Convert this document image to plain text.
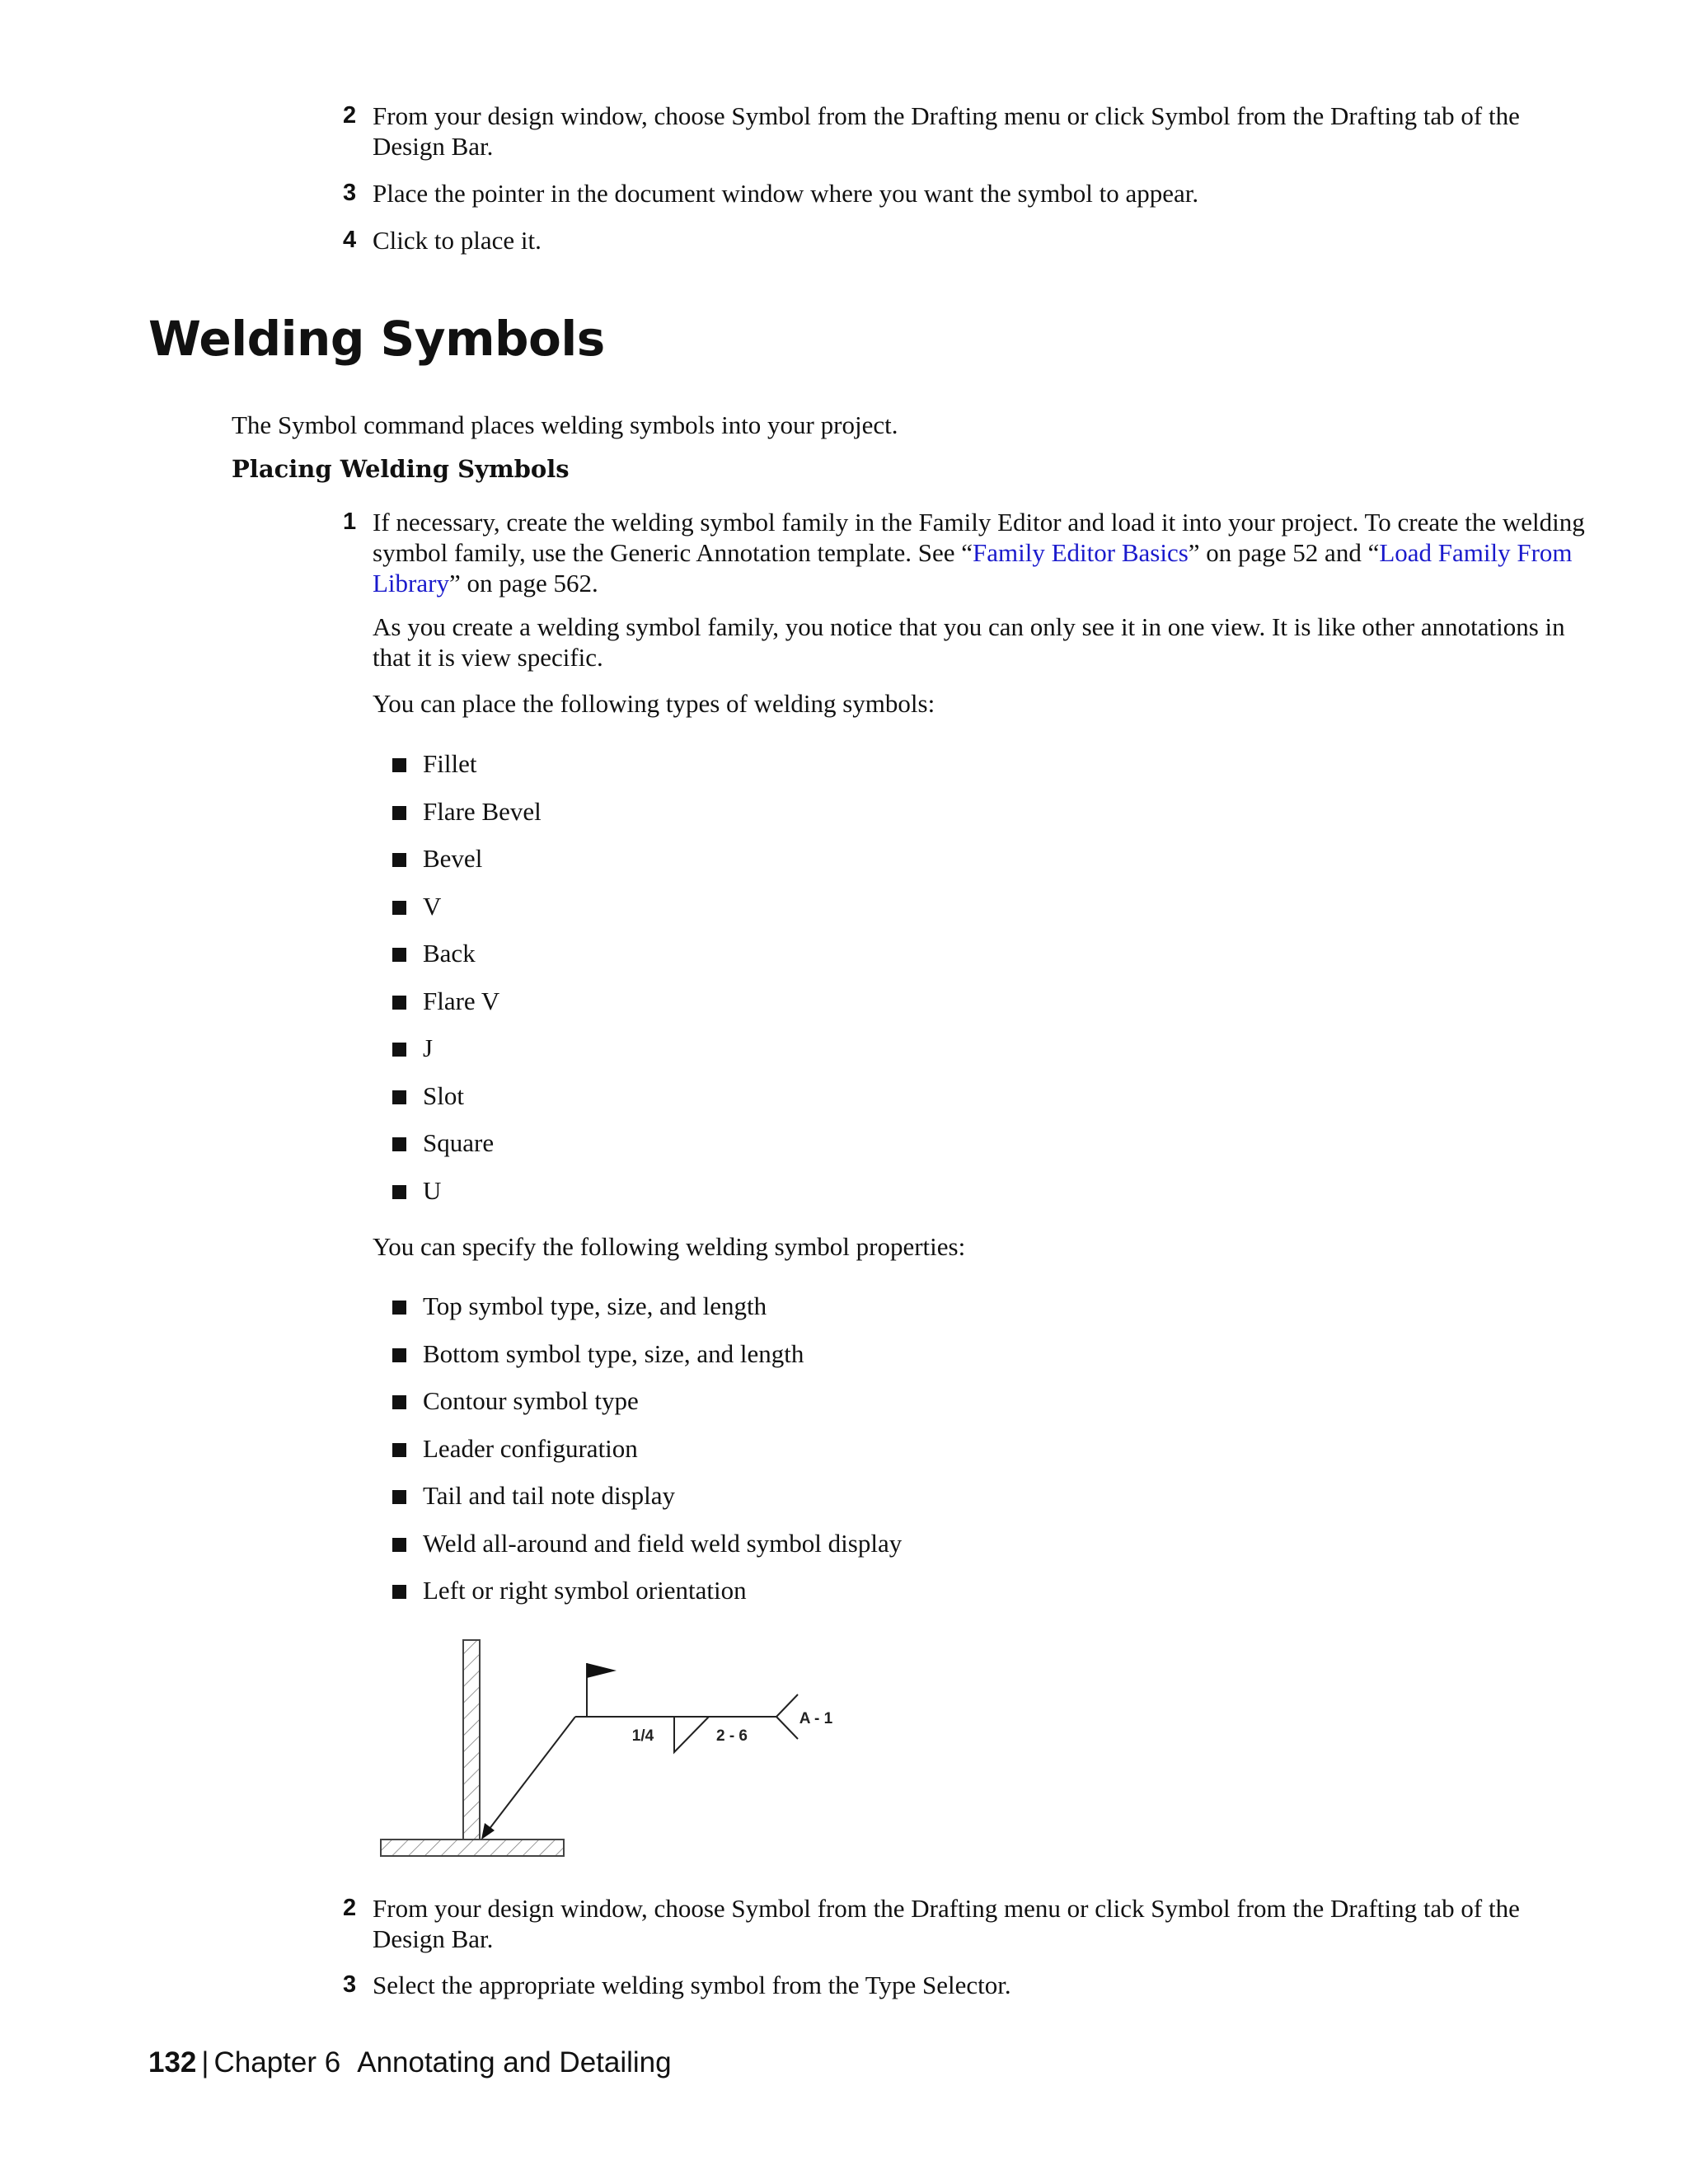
2 From your design window, choose Symbol from the Drafting menu or click Symbol from the Drafting tab of the Design Bar.
3 Place the pointer in the document window where you want the symbol to appear.
4 Click to place it.
Welding Symbols

The Symbol command places welding symbols into your project.

Placing Welding Symbols
1 If necessary, create the welding symbol family in the Family Editor and load it into your project. To create the welding symbol family, use the Generic Annotation template. See “Family Editor Basics” on page 52 and “Load Family From Library” on page 562.

As you create a welding symbol family, you notice that you can only see it in one view. It is like other annotations in that it is view specific.

You can place the following types of welding symbols:

Fillet
Flare Bevel
Bevel
V
Back
Flare V
J
Slot
Square
U

You can specify the following welding symbol properties:

Top symbol type, size, and length
Bottom symbol type, size, and length
Contour symbol type
Leader configuration
Tail and tail note display
Weld all-around and field weld symbol display
Left or right symbol orientation
1/4	2 - 6
A - 1
2 From your design window, choose Symbol from the Drafting menu or click Symbol from the Drafting tab of the Design Bar.
3 Select the appropriate welding symbol from the Type Selector.
132 | Chapter 6 Annotating and Detailing
